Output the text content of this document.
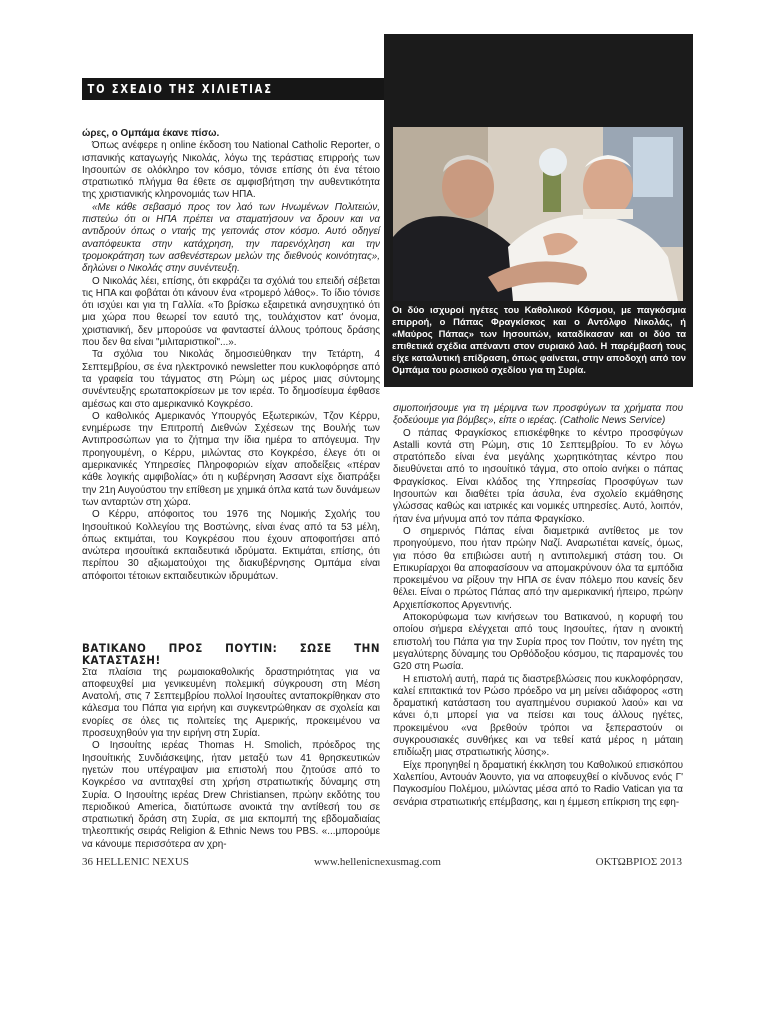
ΤΟ ΣΧΕΔΙΟ ΤΗΣ ΧΙΛΙΕΤΙΑΣ
Οι δύο ισχυροί ηγέτες του Καθολικού Κόσμου, με παγκόσμια επιρροή, ο Πάπας Φραγκίσκος και ο Αντόλφο Νικολάς, ή «Μαύρος Πάπας» των Ιησουιτών, καταδίκασαν και οι δύο τα επιθετικά σχέδια απέναντι στον συριακό λαό. Η παρέμβασή τους είχε καταλυτική επίδραση, όπως φαίνεται, στην αποδοχή από τον Ομπάμα του ρωσικού σχεδίου για τη Συρία.

ώρες, ο Ομπάμα έκανε πίσω.

Όπως ανέφερε η online έκδοση του National Catholic Reporter, ο ισπανικής καταγωγής Νικολάς, λόγω της τεράστιας επιρροής των Ιησουιτών σε ολόκληρο τον κόσμο, τόνισε επίσης ότι ένα τέτοιο στρατιωτικό πλήγμα θα έθετε σε αμφισβήτηση την αυθεντικότητα της χριστιανικής κληρονομιάς των ΗΠΑ.

«Με κάθε σεβασμό προς τον λαό των Ηνωμένων Πολιτειών, πιστεύω ότι οι ΗΠΑ πρέπει να σταματήσουν να δρουν και να αντιδρούν όπως ο νταής της γειτονιάς στον κόσμο. Αυτό οδηγεί αναπόφευκτα στην κατάχρηση, την παρενόχληση και την τρομοκράτηση των ασθενέστερων μελών της διεθνούς κοινότητας», δηλώνει ο Νικολάς στην συνέντευξη.

Ο Νικολάς λέει, επίσης, ότι εκφράζει τα σχόλιά του επειδή σέβεται τις ΗΠΑ και φοβάται ότι κάνουν ένα «τρομερό λάθος». Το ίδιο τόνισε ότι ισχύει και για τη Γαλλία. «Το βρίσκω εξαιρετικά ανησυχητικό ότι μια χώρα που θεωρεί τον εαυτό της, τουλάχιστον κατ' όνομα, χριστιανική, δεν μπορούσε να φανταστεί άλλους τρόπους δράσης που δεν θα είναι "μιλιταριστικοί"...».

Τα σχόλια του Νικολάς δημοσιεύθηκαν την Τετάρτη, 4 Σεπτεμβρίου, σε ένα ηλεκτρονικό newsletter που κυκλοφόρησε από τα γραφεία του τάγματος στη Ρώμη ως μέρος μιας σύντομης συνέντευξης ερωταποκρίσεων με τον ιερέα. Το δημοσίευμα έφθασε αμέσως και στο αμερικανικό Κογκρέσο.

Ο καθολικός Αμερικανός Υπουργός Εξωτερικών, Τζον Κέρρυ, ενημέρωσε την Επιτροπή Διεθνών Σχέσεων της Βουλής των Αντιπροσώπων για το ζήτημα την ίδια ημέρα το απόγευμα. Την προηγουμένη, ο Κέρρυ, μιλώντας στο Κογκρέσο, έλεγε ότι οι αμερικανικές Υπηρεσίες Πληροφοριών είχαν αποδείξεις «πέραν κάθε λογικής αμφιβολίας» ότι η κυβέρνηση Άσσαντ είχε διαπράξει την 21η Αυγούστου την επίθεση με χημικά όπλα κατά των δυνάμεων των ανταρτών στη χώρα.

Ο Κέρρυ, απόφοιτος του 1976 της Νομικής Σχολής του Ιησουίτικού Κολλεγίου της Βοστώνης, είναι ένας από τα 53 μέλη, όπως εκτιμάται, του Κογκρέσου που έχουν αποφοιτήσει από ανώτερα ιησουίτικά εκπαιδευτικά ιδρύματα. Εκτιμάται, επίσης, ότι περίπου 30 αξιωματούχοι της διακυβέρνησης Ομπάμα είναι απόφοιτοι τέτοιων εκπαιδευτικών ιδρυμάτων.

ΒΑΤΙΚΑΝΟ ΠΡΟΣ ΠΟΥΤΙΝ: ΣΩΣΕ ΤΗΝ ΚΑΤΑΣΤΑΣΗ!

Στα πλαίσια της ρωμαιοκαθολικής δραστηριότητας για να αποφευχθεί μια γενικευμένη πολεμική σύγκρουση στη Μέση Ανατολή, στις 7 Σεπτεμβρίου πολλοί Ιησουίτες ανταποκρίθηκαν στο κάλεσμα του Πάπα για ειρήνη και συγκεντρώθηκαν σε σχολεία και ενορίες σε όλες τις πολιτείες της Αμερικής, προκειμένου να προσευχηθούν για την ειρήνη στη Συρία.

Ο Ιησουίτης ιερέας Thomas H. Smolich, πρόεδρος της Ιησουίτικής Συνδιάσκεψης, ήταν μεταξύ των 41 θρησκευτικών ηγετών που υπέγραψαν μια επιστολή που ζητούσε από το Κογκρέσο να αντιταχθεί στη χρήση στρατιωτικής δύναμης στη Συρία. Ο Ιησουίτης ιερέας Drew Christiansen, πρώην εκδότης του περιοδικού America, διατύπωσε ανοικτά την αντίθεσή του σε στρατιωτική δράση στη Συρία, σε μια εκπομπή της εβδομαδιαίας τηλεοπτικής σειράς Religion & Ethnic News του PBS. «...μπορούμε να κάνουμε περισσότερα αν χρη-

σιμοποιήσουμε για τη μέριμνα των προσφύγων τα χρήματα που ξοδεύουμε για βόμβες», είπε ο ιερέας. (Catholic News Service)

Ο πάπας Φραγκίσκος επισκέφθηκε το κέντρο προσφύγων Astalli κοντά στη Ρώμη, στις 10 Σεπτεμβρίου. Το εν λόγω στρατόπεδο είναι ένα μεγάλης χωρητικότητας κέντρο που διευθύνεται από το ιησουίτικό τάγμα, στο οποίο ανήκει ο πάπας Φραγκίσκος. Είναι κλάδος της Υπηρεσίας Προσφύγων των Ιησουιτών και διαθέτει τρία άσυλα, ένα σχολείο εκμάθησης γλώσσας καθώς και ιατρικές και νομικές υπηρεσίες. Αυτό, λοιπόν, ήταν ένα μήνυμα από τον πάπα Φραγκίσκο.

Ο σημερινός Πάπας είναι διαμετρικά αντίθετος με τον προηγούμενο, που ήταν πρώην Ναζί. Αναρωτιέται κανείς, όμως, για πόσο θα επιβιώσει αυτή η αντιπολεμική στάση του. Οι Επικυρίαρχοι θα αποφασίσουν να απομακρύνουν όλα τα εμπόδια προκειμένου να ρίξουν την ΗΠΑ σε έναν πόλεμο που κανείς δεν θέλει. Είναι ο πρώτος Πάπας από την αμερικανική ήπειρο, πρώην Αρχιεπίσκοπος Αργεντινής.

Αποκορύφωμα των κινήσεων του Βατικανού, η κορυφή του οποίου σήμερα ελέγχεται από τους Ιησουίτες, ήταν η ανοικτή επιστολή του Πάπα για την Συρία προς τον Πούτιν, τον ηγέτη της μεγαλύτερης δύναμης του Ορθόδοξου κόσμου, τις παραμονές του G20 στη Ρωσία.

Η επιστολή αυτή, παρά τις διαστρεβλώσεις που κυκλοφόρησαν, καλεί επιτακτικά τον Ρώσο πρόεδρο να μη μείνει αδιάφορος «στη δραματική κατάσταση του αγαπημένου συριακού λαού» και να κάνει ό,τι μπορεί για να πείσει και τους άλλους ηγέτες, προκειμένου «να βρεθούν τρόποι να ξεπεραστούν οι συγκρουσιακές συνθήκες και να τεθεί κατά μέρος η μάταιη επιδίωξη μιας στρατιωτικής λύσης».

Είχε προηγηθεί η δραματική έκκληση του Καθολικού επισκόπου Χαλεπίου, Αντουάν Άουντο, για να αποφευχθεί ο κίνδυνος ενός Γ' Παγκοσμίου Πολέμου, μιλώντας μέσα από το Radio Vatican για τα σενάρια στρατιωτικής επέμβασης, και η έμμεση επίκριση της εφη-

36 HELLENIC NEXUS	www.hellenicnexusmag.com	ΟΚΤΩΒΡΙΟΣ 2013
